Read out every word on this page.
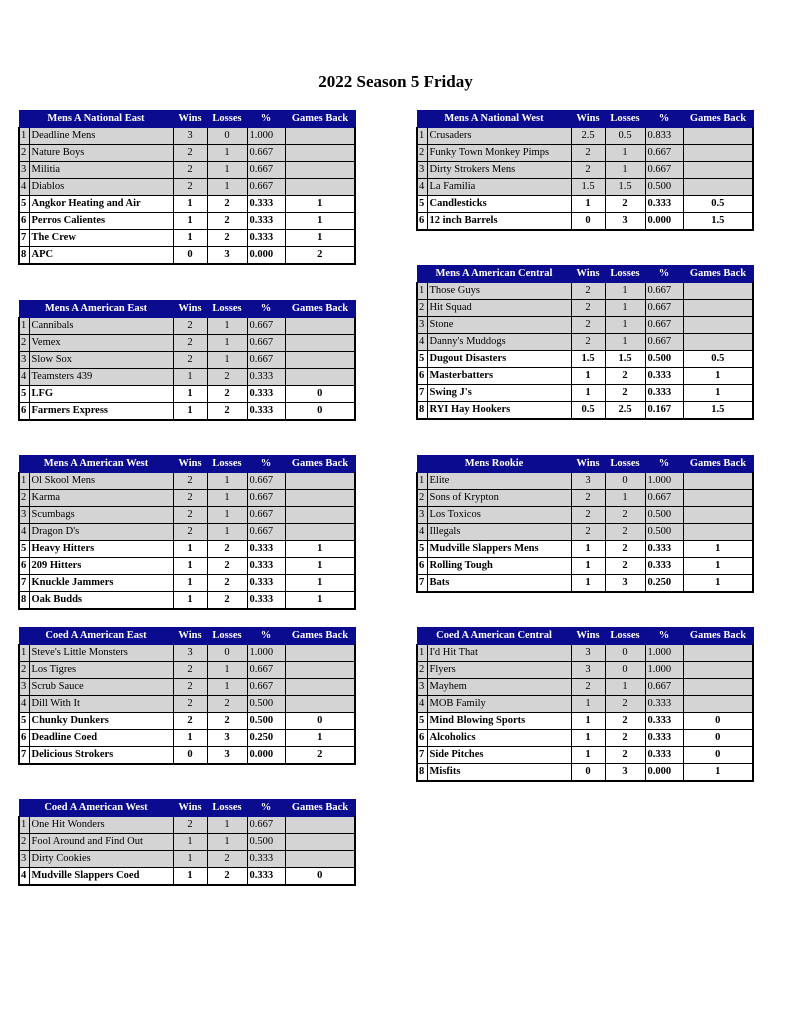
2022 Season 5 Friday
Mens A National East		Wins	Losses	%	Games Back
1	Deadline Mens	3	0	1.000	
2	Nature Boys	2	1	0.667	
3	Militia	2	1	0.667	
4	Diablos	2	1	0.667	
5	Angkor Heating and Air	1	2	0.333	1
6	Perros Calientes	1	2	0.333	1
7	The Crew	1	2	0.333	1
8	APC	0	3	0.000	2
Mens A National West		Wins	Losses	%	Games Back
1	Crusaders	2.5	0.5	0.833	
2	Funky Town Monkey Pimps	2	1	0.667	
3	Dirty Strokers Mens	2	1	0.667	
4	La Familia	1.5	1.5	0.500	
5	Candlesticks	1	2	0.333	0.5
6	12 inch Barrels	0	3	0.000	1.5
Mens A American Central		Wins	Losses	%	Games Back
1	Those Guys	2	1	0.667	
2	Hit Squad	2	1	0.667	
3	Stone	2	1	0.667	
4	Danny's Muddogs	2	1	0.667	
5	Dugout Disasters	1.5	1.5	0.500	0.5
6	Masterbatters	1	2	0.333	1
7	Swing J's	1	2	0.333	1
8	RYI Hay Hookers	0.5	2.5	0.167	1.5
Mens A American East		Wins	Losses	%	Games Back
1	Cannibals	2	1	0.667	
2	Vemex	2	1	0.667	
3	Slow Sox	2	1	0.667	
4	Teamsters 439	1	2	0.333	
5	LFG	1	2	0.333	0
6	Farmers Express	1	2	0.333	0
Mens A American West		Wins	Losses	%	Games Back
1	Ol Skool Mens	2	1	0.667	
2	Karma	2	1	0.667	
3	Scumbags	2	1	0.667	
4	Dragon D's	2	1	0.667	
5	Heavy Hitters	1	2	0.333	1
6	209 Hitters	1	2	0.333	1
7	Knuckle Jammers	1	2	0.333	1
8	Oak Budds	1	2	0.333	1
Mens Rookie		Wins	Losses	%	Games Back
1	Elite	3	0	1.000	
2	Sons of Krypton	2	1	0.667	
3	Los Toxicos	2	2	0.500	
4	Illegals	2	2	0.500	
5	Mudville Slappers Mens	1	2	0.333	1
6	Rolling Tough	1	2	0.333	1
7	Bats	1	3	0.250	1
Coed A American East		Wins	Losses	%	Games Back
1	Steve's Little Monsters	3	0	1.000	
2	Los Tigres	2	1	0.667	
3	Scrub Sauce	2	1	0.667	
4	Dill With It	2	2	0.500	
5	Chunky Dunkers	2	2	0.500	0
6	Deadline Coed	1	3	0.250	1
7	Delicious Strokers	0	3	0.000	2
Coed A American Central		Wins	Losses	%	Games Back
1	I'd Hit That	3	0	1.000	
2	Flyers	3	0	1.000	
3	Mayhem	2	1	0.667	
4	MOB Family	1	2	0.333	
5	Mind Blowing Sports	1	2	0.333	0
6	Alcoholics	1	2	0.333	0
7	Side Pitches	1	2	0.333	0
8	Misfits	0	3	0.000	1
Coed A American West		Wins	Losses	%	Games Back
1	One Hit Wonders	2	1	0.667	
2	Fool Around and Find Out	1	1	0.500	
3	Dirty Cookies	1	2	0.333	
4	Mudville Slappers Coed	1	2	0.333	0
